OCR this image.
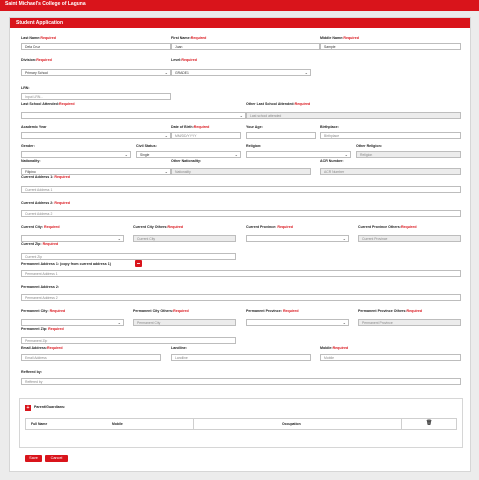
Saint Michael's College of Laguna
Student Application
Last Name:Required
Dela Cruz
First Name:Required
Juan
Middle Name:Required
Sample
Division:Required
Primary School ⌄
Level:Required
GRADE1 ⌄
LRN:
Input LRN...
Last School Attended:Required
⌄	Other Last School Attended:Required
Last school attended
Academic Year
⌄	Date of Birth:Required
MM/DD/YYYY
Your Age:	Birthplace:
Birthplace
Gender:
⌄	Civil Status:
Single ⌄
Religion:
⌄	Other Religion:
Religion
Nationality:
Filipino ⌄
Other Nationality:
Nationality
ACR Number:
ACR Number
Current Address 1: Required
Current Address 1
Current Address 2: Required
Current Address 2
Current City: Required
⌄	Current City Others:Required
Current City
Current Province: Required
⌄	Current Province Others:Required
Current Province
Current Zip: Required
Current Zip
Permanent Address 1: (copy from current address 1)	⎓
Permanent Address 1
Permanent Address 2:
Permanent Address 2
Permanent City: Required
⌄	Permanent City Others:Required
Permanent City
Permanent Province: Required
⌄	Permanent Province Others:Required
Permanent Province
Permanent Zip: Required
Permanent Zip
Email Address:Required
Email Address
Landline:
Landline
Mobile:Required
Mobile
Reffered by:
Reffered by
+	Parent/Guardians:
Full Name	Mobile	Occupation	🗑
Save	Cancel
